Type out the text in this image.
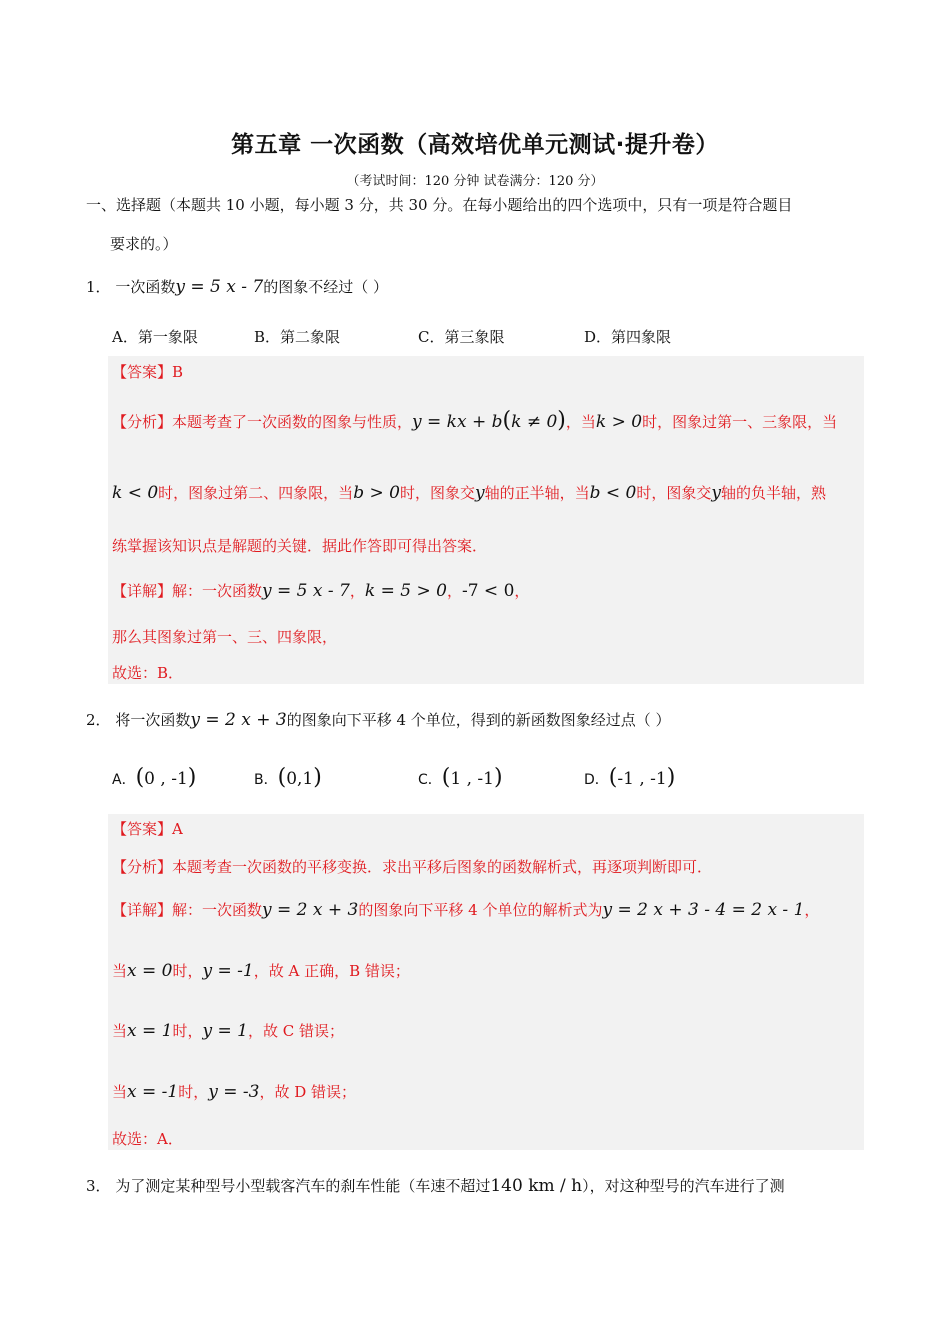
第五章 一次函数（高效培优单元测试·提升卷）
（考试时间：120 分钟 试卷满分：120 分）
一、选择题（本题共 10 小题，每小题 3 分，共 30 分。在每小题给出的四个选项中，只有一项是符合题目
要求的。）
1． 一次函数y = 5 x - 7的图象不经过（ ）
A．第一象限	B．第二象限	C．第三象限	D．第四象限
【答案】B
【分析】本题考查了一次函数的图象与性质，y = kx + b(k ≠ 0)，当k > 0时，图象过第一、三象限，当
k < 0时，图象过第二、四象限，当b > 0时，图象交y轴的正半轴，当b < 0时，图象交y轴的负半轴，熟
练掌握该知识点是解题的关键．据此作答即可得出答案．
【详解】解：一次函数y = 5 x - 7，k = 5 > 0，-7 < 0，
那么其图象过第一、三、四象限，
故选：B．
2． 将一次函数y = 2 x + 3的图象向下平移 4 个单位，得到的新函数图象经过点（ ）
A．(0 , -1)	B．(0,1)	C．(1 , -1)	D．(-1 , -1)
【答案】A
【分析】本题考查一次函数的平移变换．求出平移后图象的函数解析式，再逐项判断即可．
【详解】解：一次函数y = 2 x + 3的图象向下平移 4 个单位的解析式为y = 2 x + 3 - 4 = 2 x - 1，
当x = 0时，y = -1，故 A 正确，B 错误；
当x = 1时，y = 1，故 C 错误；
当x = -1时，y = -3，故 D 错误；
故选：A．
3． 为了测定某种型号小型载客汽车的刹车性能（车速不超过140 km / h），对这种型号的汽车进行了测
